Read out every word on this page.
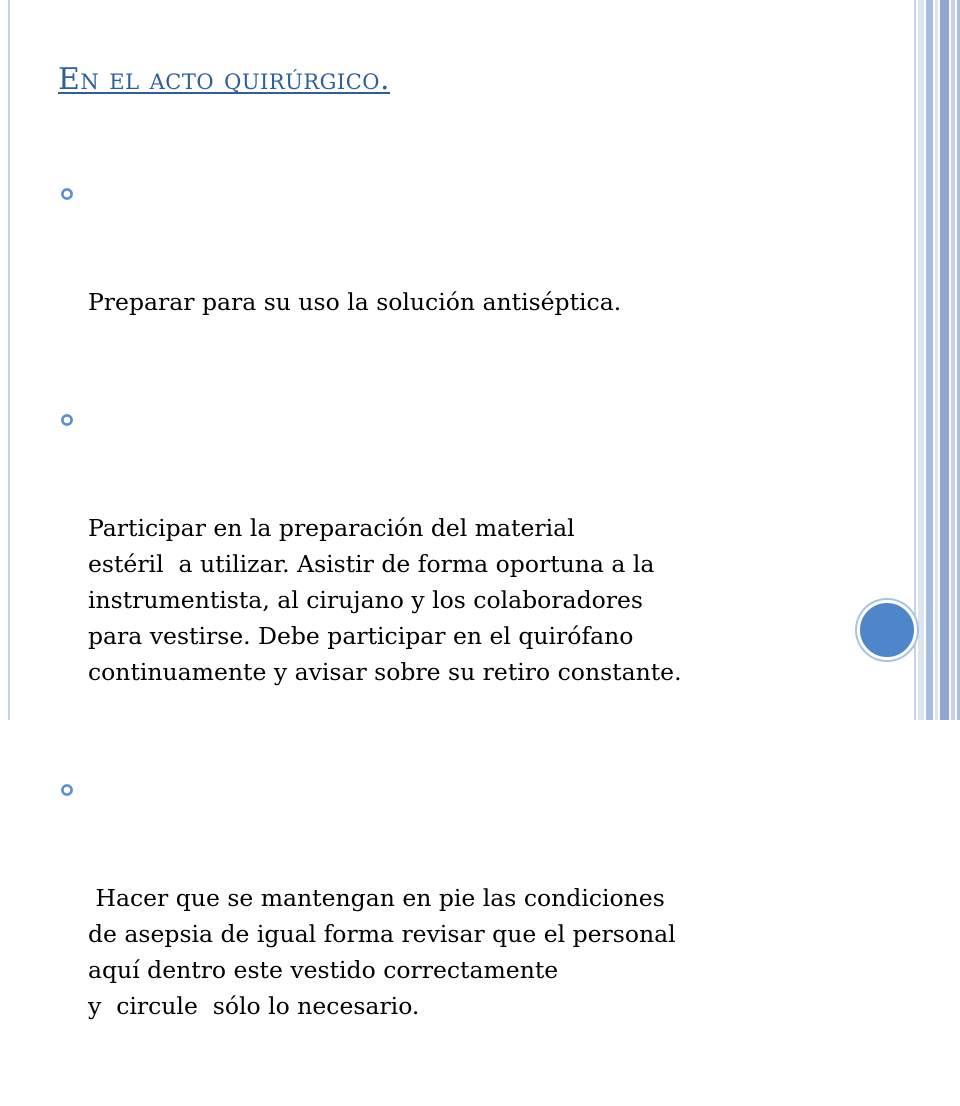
En el acto quirúrgico.

Preparar para su uso la solución antiséptica.

Participar en la preparación del material
estéril  a utilizar. Asistir de forma oportuna a la
instrumentista, al cirujano y los colaboradores
para vestirse. Debe participar en el quirófano
continuamente y avisar sobre su retiro constante.

Hacer que se mantengan en pie las condiciones
de asepsia de igual forma revisar que el personal
aquí dentro este vestido correctamente
y  circule  sólo lo necesario.
